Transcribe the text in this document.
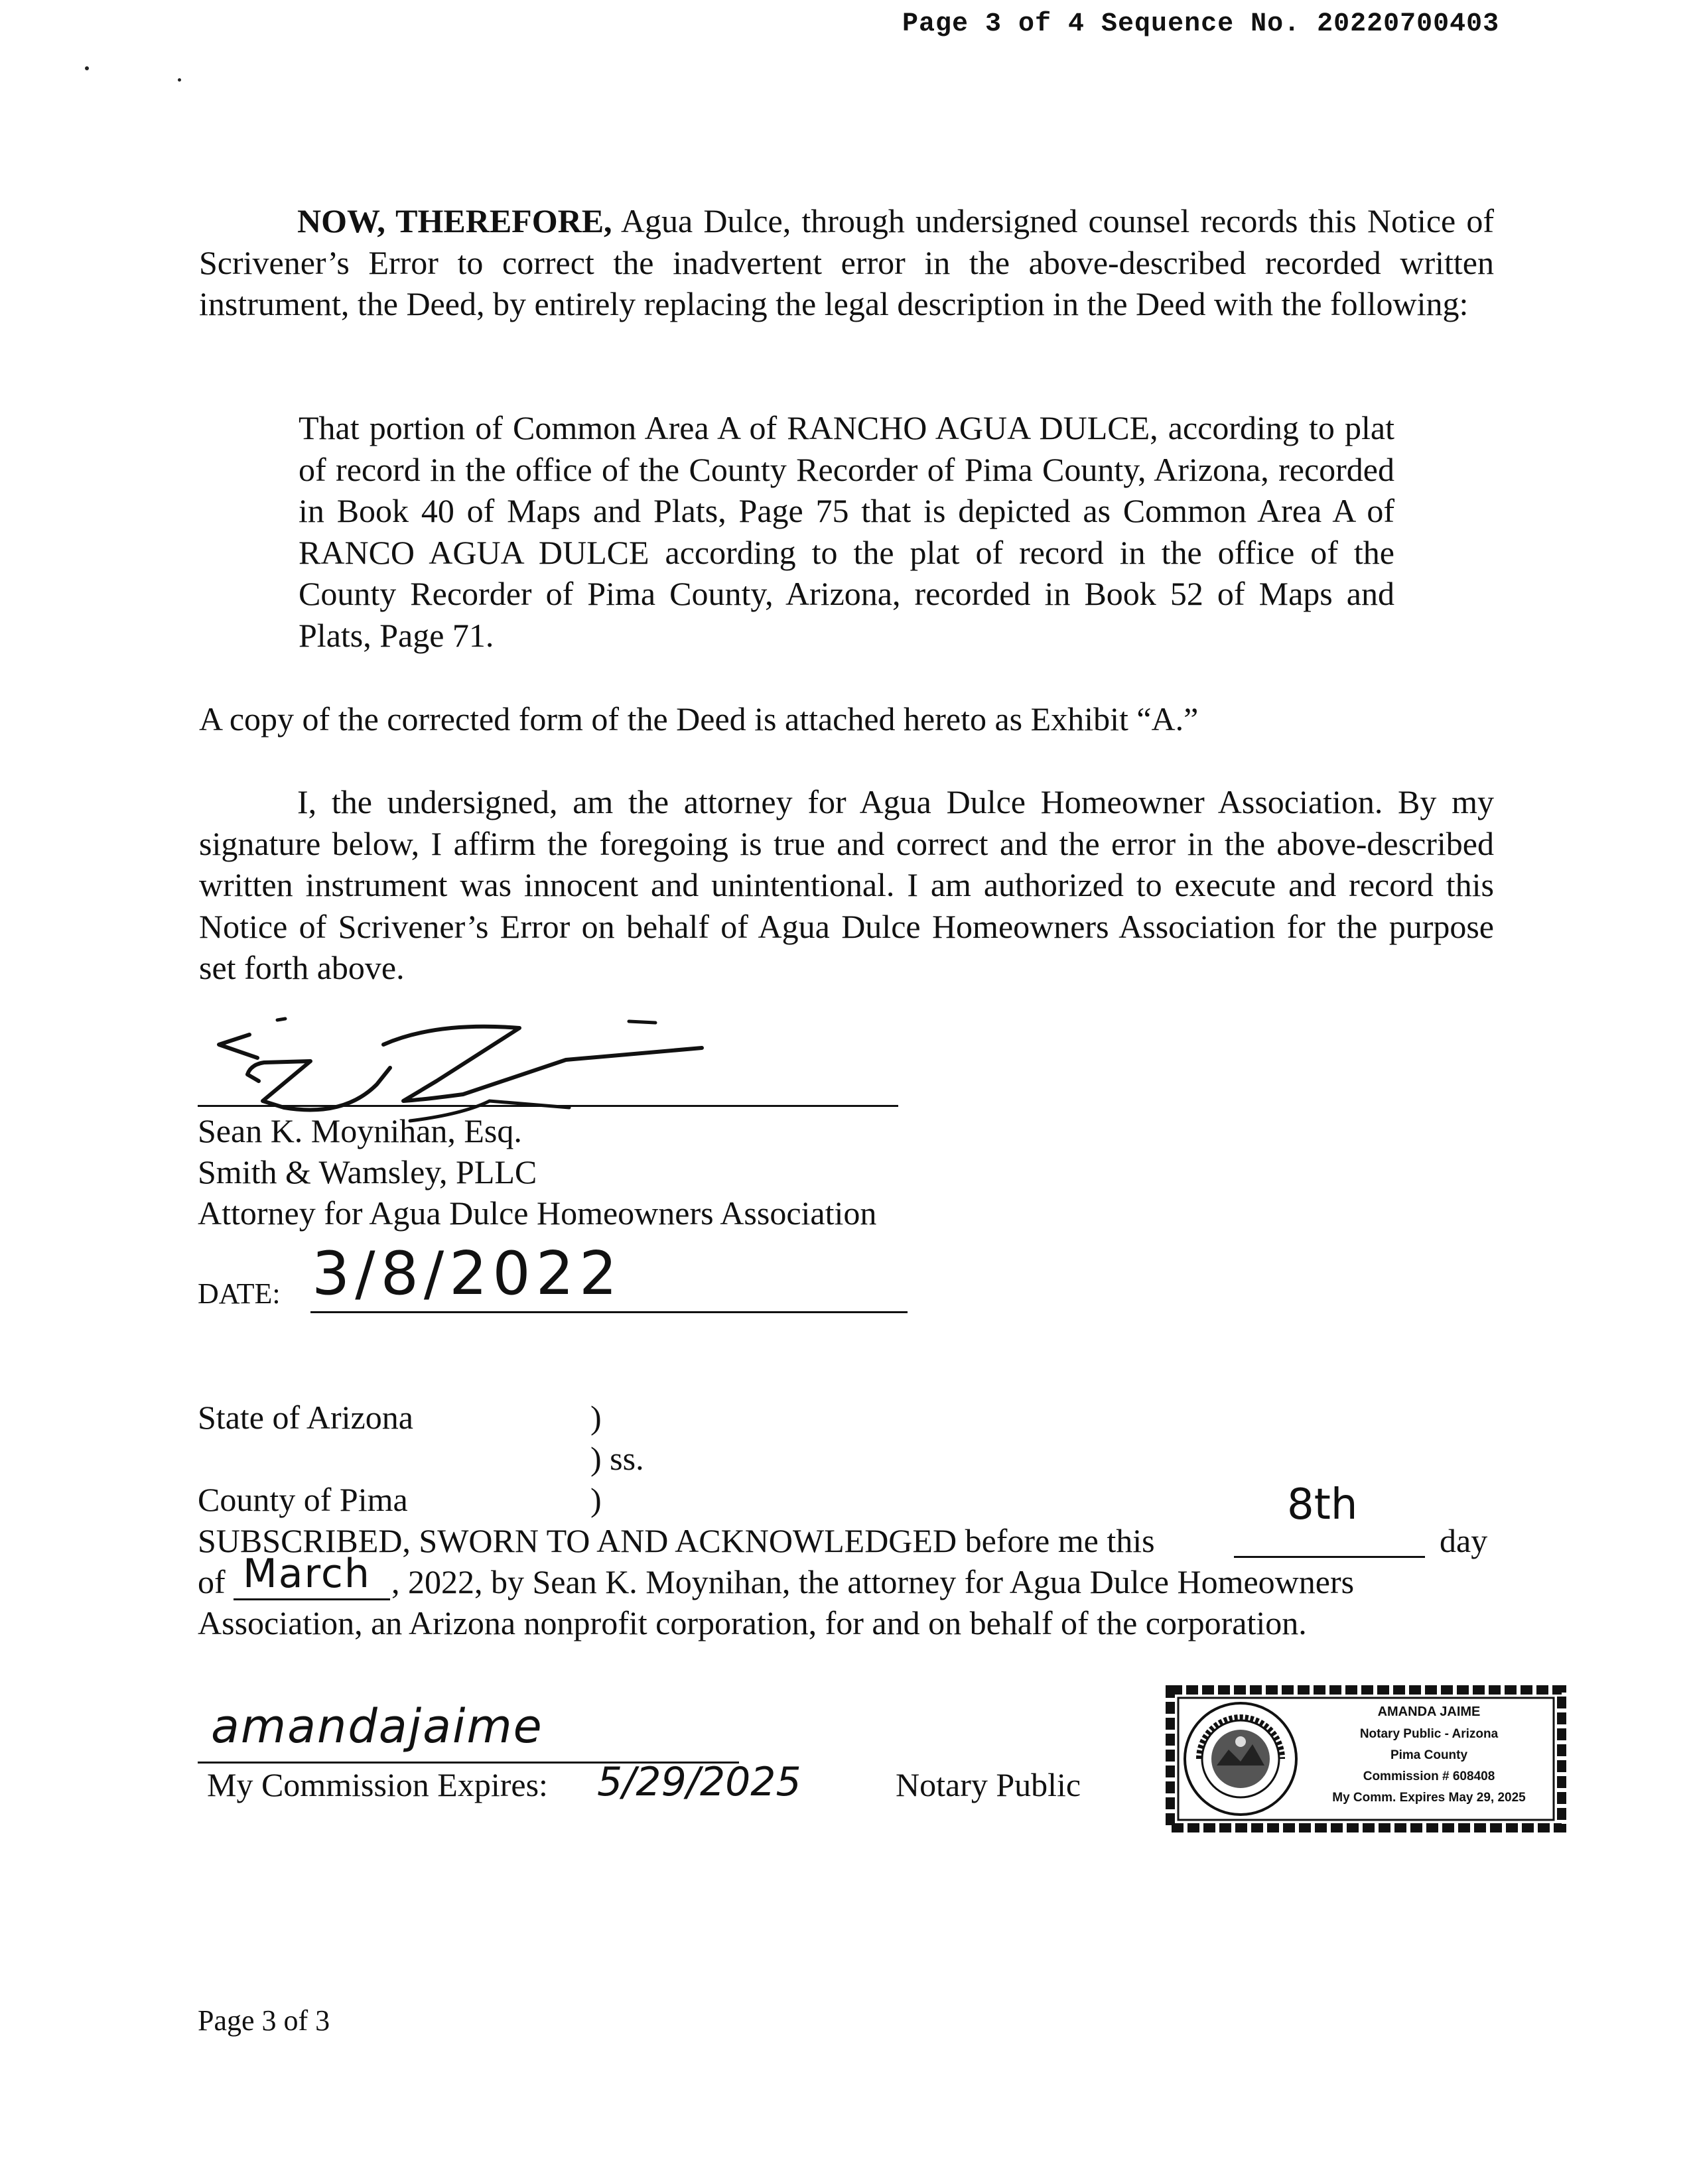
Page 3 of 4 Sequence No. 20220700403
NOW, THEREFORE, Agua Dulce, through undersigned counsel records this Notice of Scrivener’s Error to correct the inadvertent error in the above-described recorded written instrument, the Deed, by entirely replacing the legal description in the Deed with the following:
That portion of Common Area A of RANCHO AGUA DULCE, according to plat of record in the office of the County Recorder of Pima County, Arizona, recorded in Book 40 of Maps and Plats, Page 75 that is depicted as Common Area A of RANCO AGUA DULCE according to the plat of record in the office of the County Recorder of Pima County, Arizona, recorded in Book 52 of Maps and Plats, Page 71.
A copy of the corrected form of the Deed is attached hereto as Exhibit “A.”
I, the undersigned, am the attorney for Agua Dulce Homeowner Association. By my signature below, I affirm the foregoing is true and correct and the error in the above-described written instrument was innocent and unintentional. I am authorized to execute and record this Notice of Scrivener’s Error on behalf of Agua Dulce Homeowners Association for the purpose set forth above.
Sean K. Moynihan, Esq.
Smith & Wamsley, PLLC
Attorney for Agua Dulce Homeowners Association
DATE: 3/8/2022
State of Arizona	)
) ss.
County of Pima	)
SUBSCRIBED, SWORN TO AND ACKNOWLEDGED before me this
8th
day
of March , 2022, by Sean K. Moynihan, the attorney for Agua Dulce Homeowners
Association, an Arizona nonprofit corporation, for and on behalf of the corporation.
amandajaime
My Commission Expires: 5/29/2025	Notary Public
AMANDA JAIME
Notary Public - Arizona
Pima County
Commission # 608408
My Comm. Expires May 29, 2025
Page 3 of 3
